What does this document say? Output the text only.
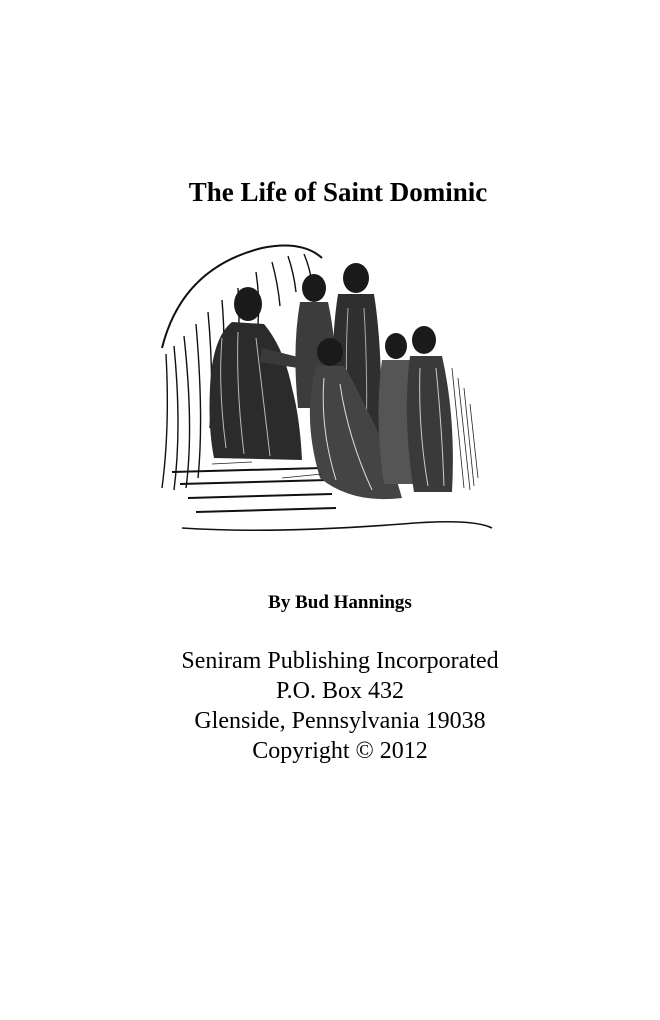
The Life of Saint Dominic
By Bud Hannings
Seniram Publishing Incorporated
P.O. Box 432
Glenside, Pennsylvania 19038
Copyright © 2012
